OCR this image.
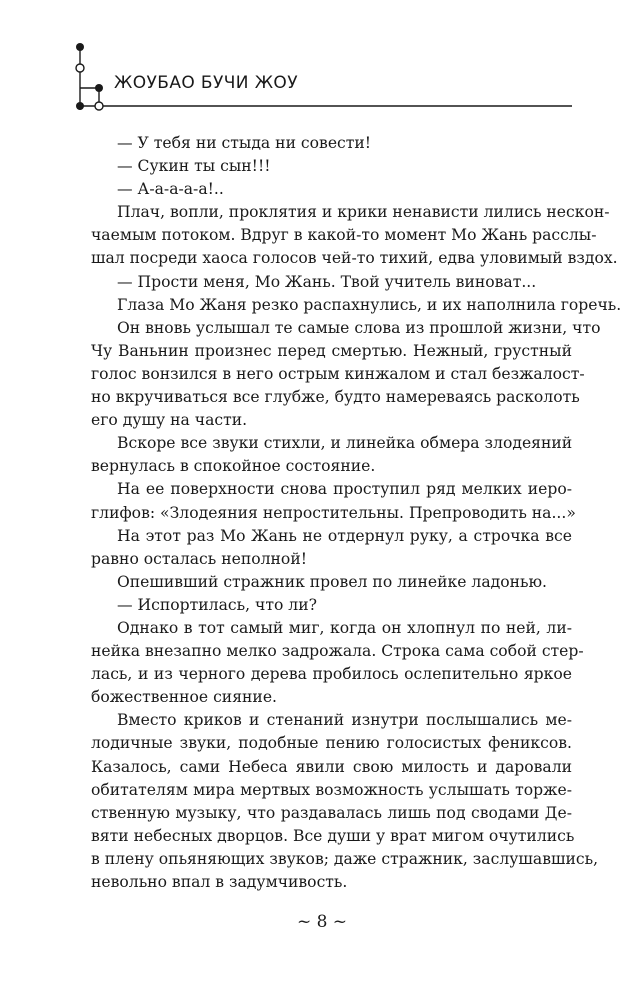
ЖОУБАО БУЧИ ЖОУ

— У тебя ни стыда ни совести!

— Сукин ты сын!!!

— А-а-а-а-а!..

Плач, вопли, проклятия и крики ненависти лились нескон-
чаемым потоком. Вдруг в какой-то момент Мо Жань расслы-
шал посреди хаоса голосов чей-то тихий, едва уловимый вздох.

— Прости меня, Мо Жань. Твой учитель виноват...

Глаза Мо Жаня резко распахнулись, и их наполнила горечь.

Он вновь услышал те самые слова из прошлой жизни, что
Чу Ваньнин произнес перед смертью. Нежный, грустный
голос вонзился в него острым кинжалом и стал безжалост-
но вкручиваться все глубже, будто намереваясь расколоть
его душу на части.

Вскоре все звуки стихли, и линейка обмера злодеяний
вернулась в спокойное состояние.

На ее поверхности снова проступил ряд мелких иеро-
глифов: «Злодеяния непростительны. Препроводить на...»

На этот раз Мо Жань не отдернул руку, а строчка все
равно осталась неполной!

Опешивший стражник провел по линейке ладонью.

— Испортилась, что ли?

Однако в тот самый миг, когда он хлопнул по ней, ли-
нейка внезапно мелко задрожала. Строка сама собой стер-
лась, и из черного дерева пробилось ослепительно яркое
божественное сияние.

Вместо криков и стенаний изнутри послышались ме-
лодичные звуки, подобные пению голосистых фениксов.
Казалось, сами Небеса явили свою милость и даровали
обитателям мира мертвых возможность услышать торже-
ственную музыку, что раздавалась лишь под сводами Де-
вяти небесных дворцов. Все души у врат мигом очутились
в плену опьяняющих звуков; даже стражник, заслушавшись,
невольно впал в задумчивость.

~ 8 ~
